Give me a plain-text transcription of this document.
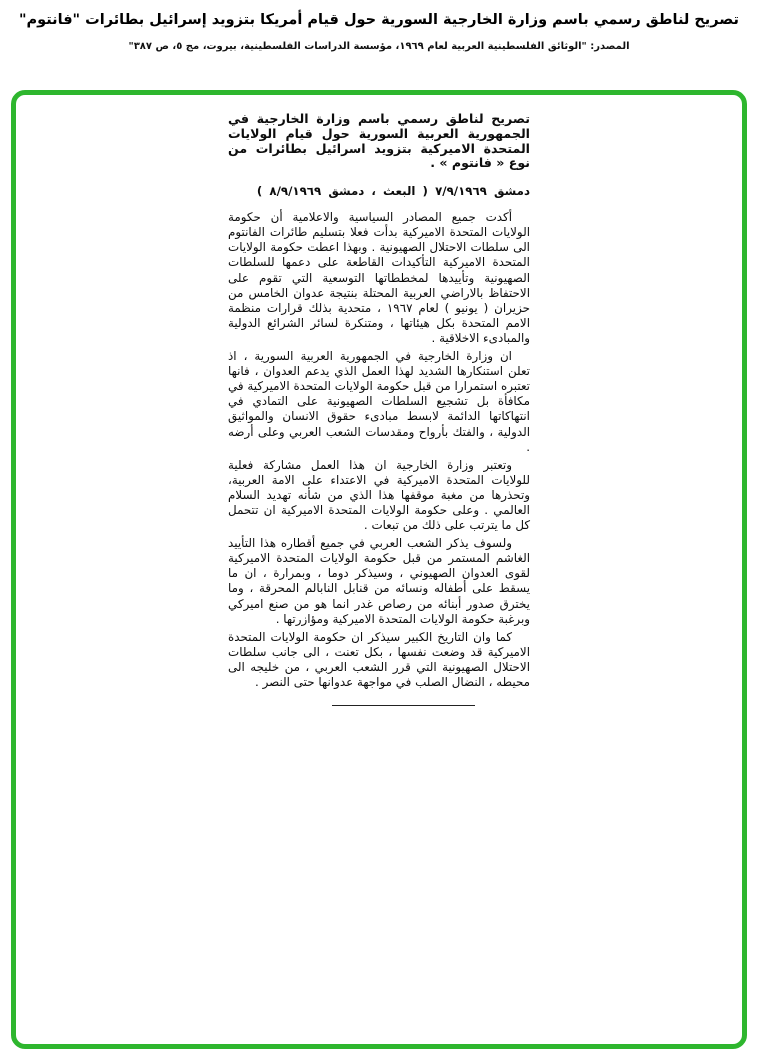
تصريح لناطق رسمي باسم وزارة الخارجية السورية حول قيام أمريكا بتزويد إسرائيل بطائرات "فانتوم"
المصدر: "الوثائق الفلسطينية العربية لعام ١٩٦٩، مؤسسة الدراسات الفلسطينية، بيروت، مج ٥، ص ٣٨٧"

تصريح لناطق رسمي باسم وزارة الخارجية في الجمهورية العربية السورية حول قيام الولايات المتحدة الاميركية بتزويد اسرائيل بطائرات من نوع « فانتوم » .

دمشق ٧/٩/١٩٦٩ ( البعث ، دمشق ٨/٩/١٩٦٩ )

أكدت جميع المصادر السياسية والاعلامية أن حكومة الولايات المتحدة الاميركية بدأت فعلا بتسليم طائرات الفانتوم الى سلطات الاحتلال الصهيونية . وبهذا اعطت حكومة الولايات المتحدة الاميركية التأكيدات القاطعة على دعمها للسلطات الصهيونية وتأييدها لمخططاتها التوسعية التي تقوم على الاحتفاظ بالاراضي العربية المحتلة بنتيجة عدوان الخامس من حزيران ( يونيو ) لعام ١٩٦٧ ، متحدية بذلك قرارات منظمة الامم المتحدة بكل هيئاتها ، ومتنكرة لسائر الشرائع الدولية والمبادىء الاخلاقية .

ان وزارة الخارجية في الجمهورية العربية السورية ، اذ تعلن استنكارها الشديد لهذا العمل الذي يدعم العدوان ، فانها تعتبره استمرارا من قبل حكومة الولايات المتحدة الاميركية في مكافأة بل تشجيع السلطات الصهيونية على التمادي في انتهاكاتها الدائمة لابسط مبادىء حقوق الانسان والمواثيق الدولية ، والفتك بأرواح ومقدسات الشعب العربي وعلى أرضه .

وتعتبر وزارة الخارجية ان هذا العمل مشاركة فعلية للولايات المتحدة الاميركية في الاعتداء على الامة العربية، وتحذرها من مغبة موقفها هذا الذي من شأنه تهديد السلام العالمي . وعلى حكومة الولايات المتحدة الاميركية ان تتحمل كل ما يترتب على ذلك من تبعات .

ولسوف يذكر الشعب العربي في جميع أقطاره هذا التأييد الغاشم المستمر من قبل حكومة الولايات المتحدة الاميركية لقوى العدوان الصهيوني ، وسيذكر دوما ، وبمرارة ، ان ما يسقط على أطفاله ونسائه من قنابل النابالم المحرقة ، وما يخترق صدور أبنائه من رصاص غدر انما هو من صنع اميركي وبرغبة حكومة الولايات المتحدة الاميركية ومؤازرتها .

كما وان التاريخ الكبير سيذكر ان حكومة الولايات المتحدة الاميركية قد وضعت نفسها ، بكل تعنت ، الى جانب سلطات الاحتلال الصهيونية التي قرر الشعب العربي ، من خليجه الى محيطه ، النضال الصلب في مواجهة عدوانها حتى النصر .
